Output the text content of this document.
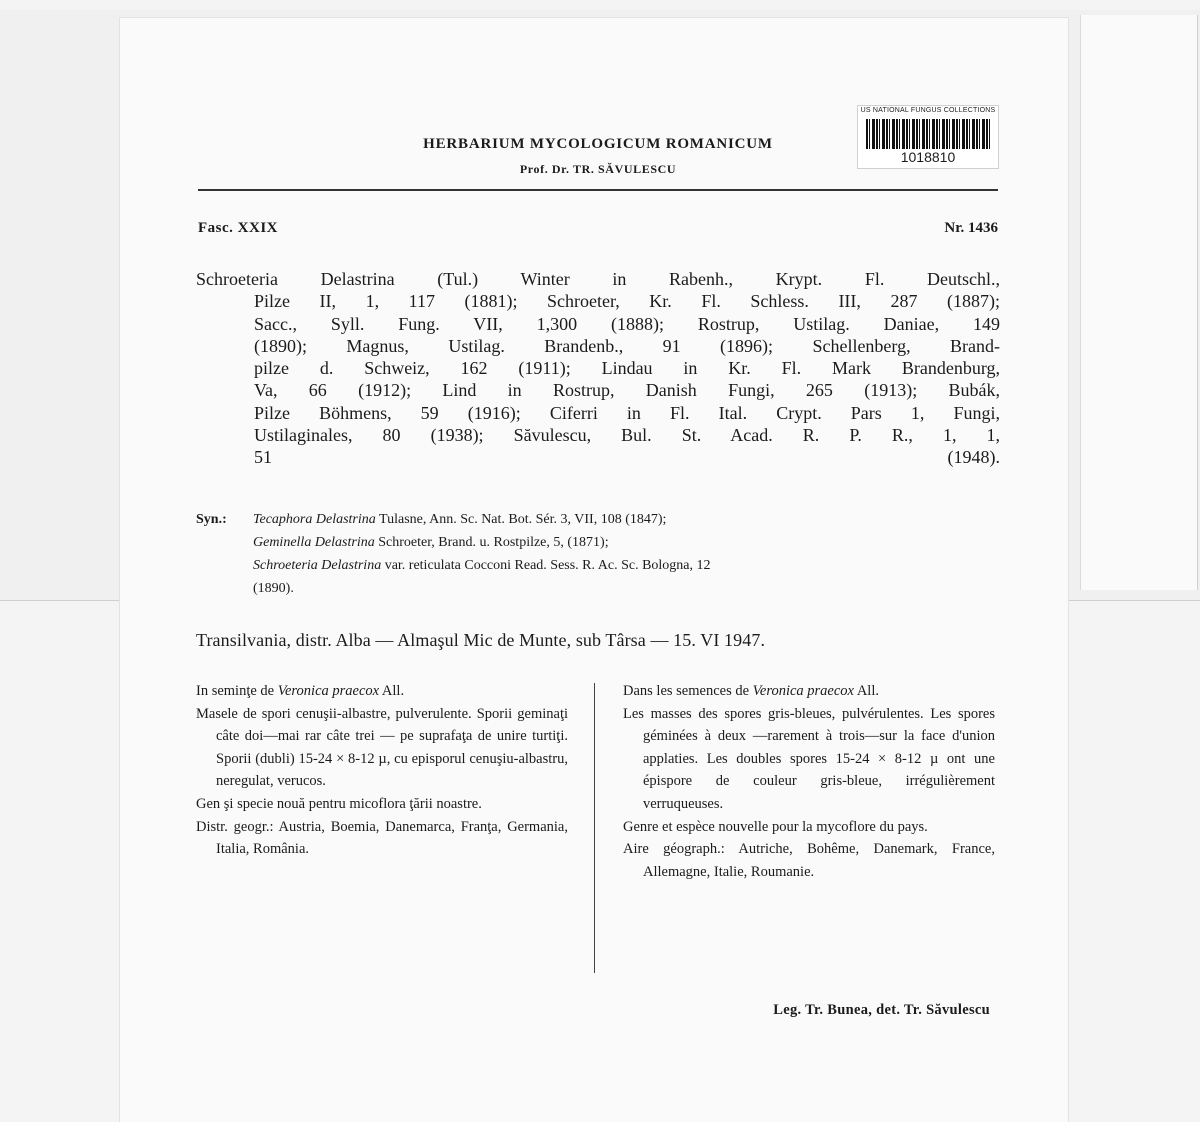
US NATIONAL FUNGUS COLLECTIONS
1018810
HERBARIUM MYCOLOGICUM ROMANICUM
Prof. Dr. TR. SĂVULESCU
Fasc. XXIX	Nr. 1436

Schroeteria Delastrina (Tul.) Winter in Rabenh., Krypt. Fl. Deutschl.,
Pilze II, 1, 117 (1881); Schroeter, Kr. Fl. Schless. III, 287 (1887);
Sacc., Syll. Fung. VII, 1,300 (1888); Rostrup, Ustilag. Daniae, 149
(1890); Magnus, Ustilag. Brandenb., 91 (1896); Schellenberg, Brand-
pilze d. Schweiz, 162 (1911); Lindau in Kr. Fl. Mark Brandenburg,
Va, 66 (1912); Lind in Rostrup, Danish Fungi, 265 (1913); Bubák,
Pilze Böhmens, 59 (1916); Ciferri in Fl. Ital. Crypt. Pars 1, Fungi,
Ustilaginales, 80 (1938); Săvulescu, Bul. St. Acad. R. P. R., 1, 1,
51 (1948).

Syn.: Tecaphora Delastrina Tulasne, Ann. Sc. Nat. Bot. Sér. 3, VII, 108 (1847);
Geminella Delastrina Schroeter, Brand. u. Rostpilze, 5, (1871);
Schroeteria Delastrina var. reticulata Cocconi Read. Sess. R. Ac. Sc. Bologna, 12
(1890).
Transilvania, distr. Alba — Almaşul Mic de Munte, sub Târsa — 15. VI 1947.

In seminţe de Veronica praecox All.

Masele de spori cenuşii-albastre, pulverulente. Sporii geminaţi câte doi—mai rar câte trei — pe suprafaţa de unire turtiţi. Sporii (dubli) 15-24 × 8-12 µ, cu episporul cenuşiu-albastru, neregulat, verucos.

Gen şi specie nouă pentru micoflora ţării noastre.

Distr. geogr.: Austria, Boemia, Danemarca, Franţa, Germania, Italia, România.

Dans les semences de Veronica praecox All.

Les masses des spores gris-bleues, pulvérulentes. Les spores géminées à deux —rarement à trois—sur la face d'union applaties. Les doubles spores 15-24 × 8-12 µ ont une épispore de couleur gris-bleue, irrégulièrement verruqueuses.

Genre et espèce nouvelle pour la mycoflore du pays.

Aire géograph.: Autriche, Bohême, Danemark, France, Allemagne, Italie, Roumanie.

Leg. Tr. Bunea, det. Tr. Săvulescu
